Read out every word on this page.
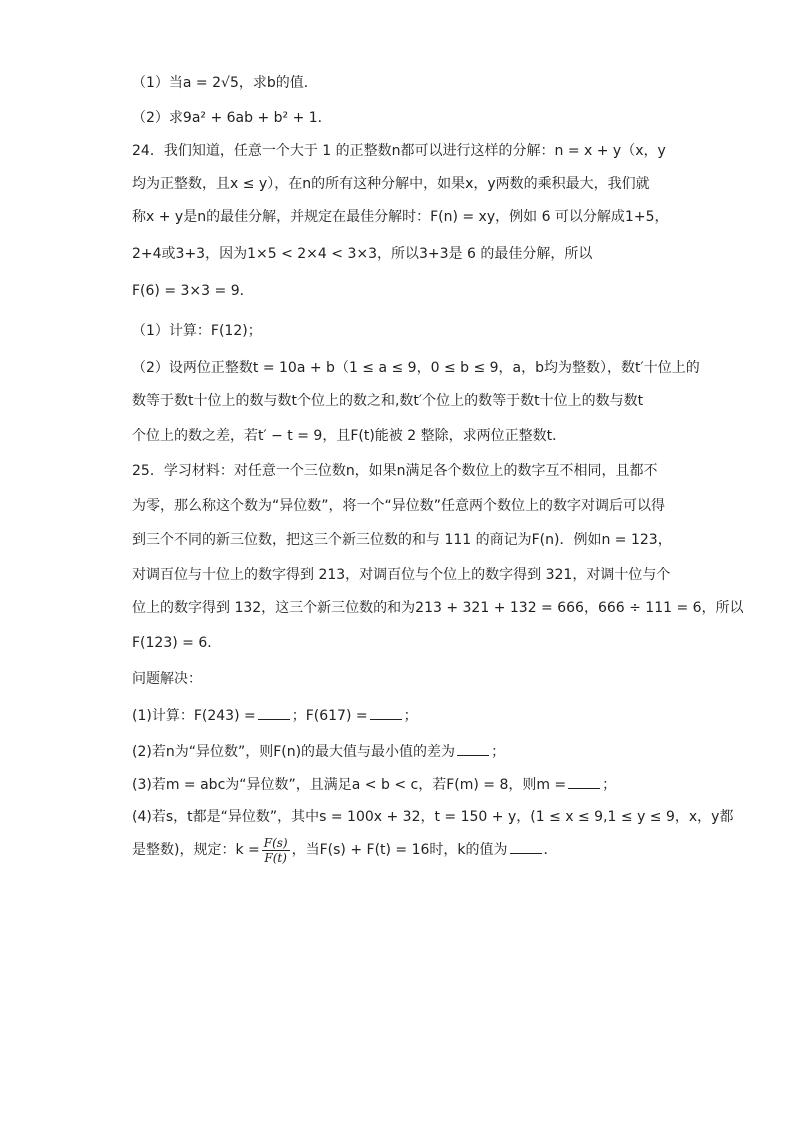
（1）当a = 2√5，求b的值．
（2）求9a² + 6ab + b² + 1．
24．我们知道，任意一个大于 1 的正整数n都可以进行这样的分解：n = x + y（x，y
均为正整数，且x ≤ y），在n的所有这种分解中，如果x，y两数的乘积最大，我们就
称x + y是n的最佳分解，并规定在最佳分解时：F(n) = xy，例如 6 可以分解成1+5，
2+4或3+3，因为1×5 < 2×4 < 3×3，所以3+3是 6 的最佳分解，所以
F(6) = 3×3 = 9．
（1）计算：F(12)；
（2）设两位正整数t = 10a + b（1 ≤ a ≤ 9，0 ≤ b ≤ 9，a，b均为整数），数t′十位上的
数等于数t十位上的数与数t个位上的数之和,数t′个位上的数等于数t十位上的数与数t
个位上的数之差，若t′ − t = 9，且F(t)能被 2 整除，求两位正整数t．
25．学习材料：对任意一个三位数n，如果n满足各个数位上的数字互不相同，且都不
为零，那么称这个数为“异位数”，将一个“异位数”任意两个数位上的数字对调后可以得
到三个不同的新三位数，把这三个新三位数的和与 111 的商记为F(n)．例如n = 123，
对调百位与十位上的数字得到 213，对调百位与个位上的数字得到 321，对调十位与个
位上的数字得到 132，这三个新三位数的和为213 + 321 + 132 = 666，666 ÷ 111 = 6，所以
F(123) = 6．
问题解决：
(1)计算：F(243) =	；F(617) =	；
(2)若n为“异位数”，则F(n)的最大值与最小值的差为	；
(3)若m = abc为“异位数”，且满足a < b < c，若F(m) = 8，则m =	；
(4)若s，t都是“异位数”，其中s = 100x + 32，t = 150 + y，(1 ≤ x ≤ 9,1 ≤ y ≤ 9，x，y都
是整数)，规定：$k = \frac{F(s)}{F(t)}$ ，当F(s) + F(t) = 16时，k的值为	．
